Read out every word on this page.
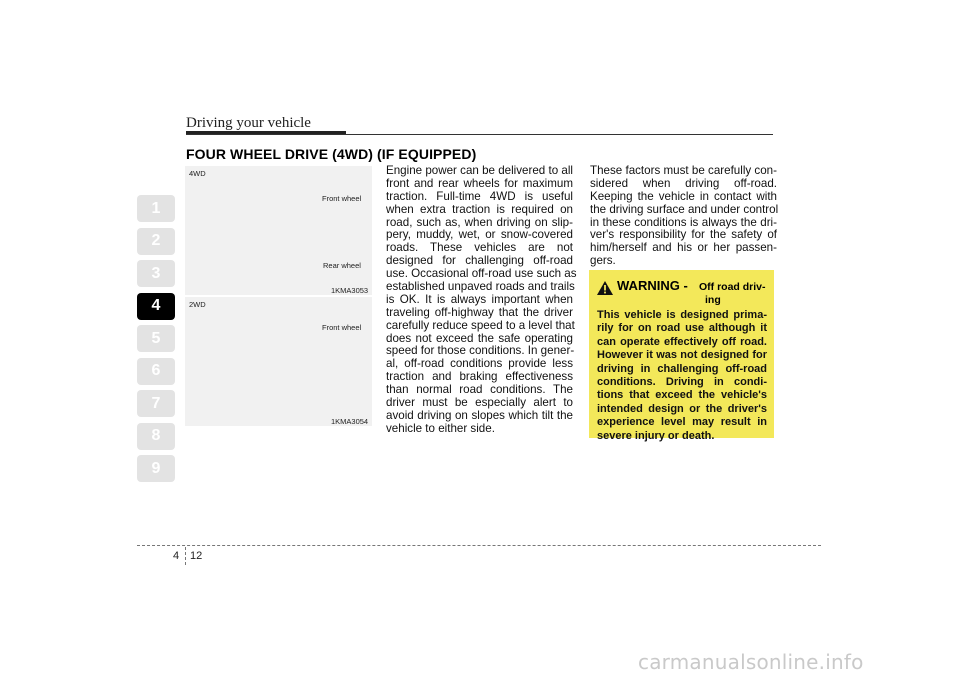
Driving your vehicle
1
2
3
4
5
6
7
8
9
FOUR WHEEL DRIVE (4WD) (IF EQUIPPED)
4WD
Front wheel
Rear wheel
1KMA3053
2WD
Front wheel
1KMA3054
Engine power can be delivered to all
front and rear wheels for maximum
traction. Full-time 4WD is useful
when extra traction is required on
road, such as, when driving on slip-
pery, muddy, wet, or snow-covered
roads. These vehicles are not
designed for challenging off-road
use. Occasional off-road use such as
established unpaved roads and trails
is OK. It is always important when
traveling off-highway that the driver
carefully reduce speed to a level that
does not exceed the safe operating
speed for those conditions. In gener-
al, off-road conditions provide less
traction and braking effectiveness
than normal road conditions. The
driver must be especially alert to
avoid driving on slopes which tilt the
vehicle to either side.
These factors must be carefully con-
sidered when driving off-road.
Keeping the vehicle in contact with
the driving surface and under control
in these conditions is always the dri-
ver's responsibility for the safety of
him/herself and his or her passen-
gers.
WARNING - Off road driv-
ing
This vehicle is designed prima-
rily for on road use although it
can operate effectively off road.
However it was not designed for
driving in challenging off-road
conditions. Driving in condi-
tions that exceed the vehicle's
intended design or the driver's
experience level may result in
severe injury or death.
4 12
carmanualsonline.info
